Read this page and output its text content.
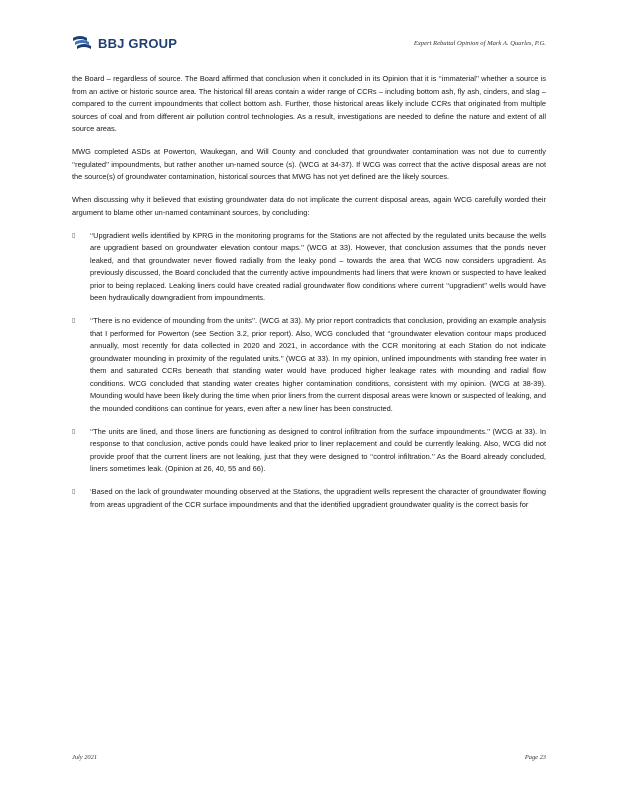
BBJ GROUP	Expert Rebuttal Opinion of Mark A. Quarles, P.G.

the Board – regardless of source. The Board affirmed that conclusion when it concluded in its Opinion that it is ‘‘immaterial’’ whether a source is from an active or historic source area. The historical fill areas contain a wider range of CCRs – including bottom ash, fly ash, cinders, and slag – compared to the current impoundments that collect bottom ash. Further, those historical areas likely include CCRs that originated from multiple sources of coal and from different air pollution control technologies. As a result, investigations are needed to define the nature and extent of all source areas.

MWG completed ASDs at Powerton, Waukegan, and Will County and concluded that groundwater contamination was not due to currently ‘‘regulated’’ impoundments, but rather another un-named source (s). (WCG at 34-37). If WCG was correct that the active disposal areas are not the source(s) of groundwater contamination, historical sources that MWG has not yet defined are the likely sources.

When discussing why it believed that existing groundwater data do not implicate the current disposal areas, again WCG carefully worded their argument to blame other un-named contaminant sources, by concluding:

▯	‘‘Upgradient wells identified by KPRG in the monitoring programs for the Stations are not affected by the regulated units because the wells are upgradient based on groundwater elevation contour maps.’’ (WCG at 33). However, that conclusion assumes that the ponds never leaked, and that groundwater never flowed radially from the leaky pond – towards the area that WCG now considers upgradient. As previously discussed, the Board concluded that the currently active impoundments had liners that were known or suspected to have leaked prior to being replaced. Leaking liners could have created radial groundwater flow conditions where current ‘‘upgradient’’ wells would have been hydraulically downgradient from impoundments.
▯	‘‘There is no evidence of mounding from the units’’. (WCG at 33). My prior report contradicts that conclusion, providing an example analysis that I performed for Powerton (see Section 3.2, prior report). Also, WCG concluded that ‘‘groundwater elevation contour maps produced annually, most recently for data collected in 2020 and 2021, in accordance with the CCR monitoring at each Station do not indicate groundwater mounding in proximity of the regulated units.’’ (WCG at 33). In my opinion, unlined impoundments with standing free water in them and saturated CCRs beneath that standing water would have produced higher leakage rates with mounding and radial flow conditions. WCG concluded that standing water creates higher contamination conditions, consistent with my opinion. (WCG at 38-39). Mounding would have been likely during the time when prior liners from the current disposal areas were known or suspected of leaking, and the mounded conditions can continue for years, even after a new liner has been constructed.
▯	‘‘The units are lined, and those liners are functioning as designed to control infiltration from the surface impoundments.’’ (WCG at 33). In response to that conclusion, active ponds could have leaked prior to liner replacement and could be currently leaking. Also, WCG did not provide proof that the current liners are not leaking, just that they were designed to ‘‘control infiltration.’’ As the Board already concluded, liners sometimes leak. (Opinion at 26, 40, 55 and 66).
▯	‘Based on the lack of groundwater mounding observed at the Stations, the upgradient wells represent the character of groundwater flowing from areas upgradient of the CCR surface impoundments and that the identified upgradient groundwater quality is the correct basis for
July 2021	Page 23
